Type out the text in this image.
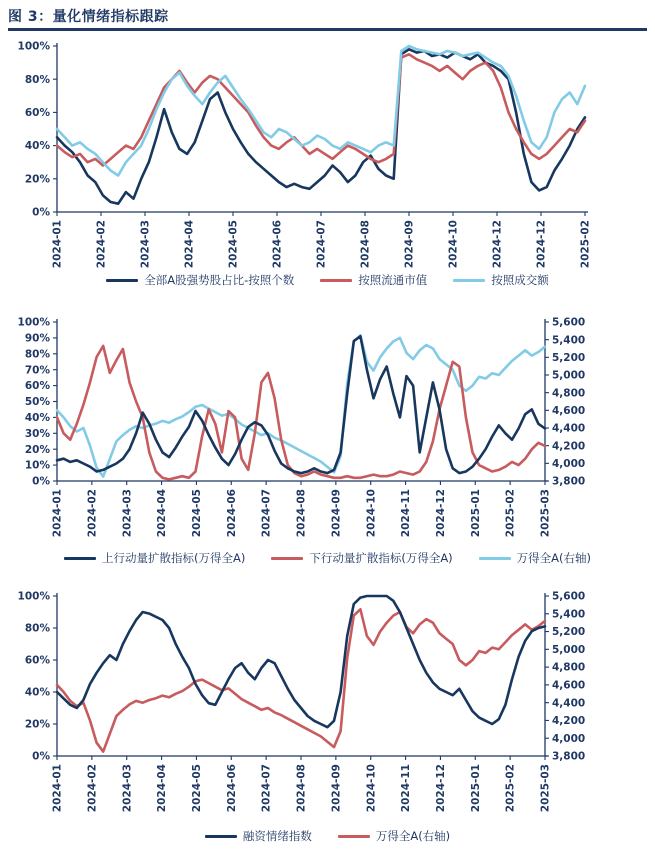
图 3：量化情绪指标跟踪
0%
20%
40%
60%
80%
100%
2024-01	2024-02	2024-03	2024-04	2024-05	2024-06	2024-07	2024-08	2024-09	2024-10	2024-12	2024-12	2025-02
0%
10%
20%
30%
40%
50%
60%
70%
80%
90%
100%
2024-01 2024-02 2024-03 2024-04 2024-05 2024-06 2024-07 2024-08 2024-09 2024-10 2024-11 2024-12 2025-01 2025-02 2025-03
3,800
4,000
4,200
4,400
4,600
4,800
5,000
5,200
5,400
5,600
0%
20%
40%
60%
80%
100%
2024-01 2024-02 2024-03 2024-04 2024-05 2024-06 2024-07 2024-08 2024-09 2024-10 2024-11 2024-12 2025-01 2025-02 2025-03
3,800
4,000
4,200
4,400
4,600
4,800
5,000
5,200
5,400
5,600
全部A股强势股占比-按照个数	按照流通市值	按照成交额
上行动量扩散指标(万得全A)	下行动量扩散指标(万得全A)	万得全A(右轴)
融资情绪指数	万得全A(右轴)
